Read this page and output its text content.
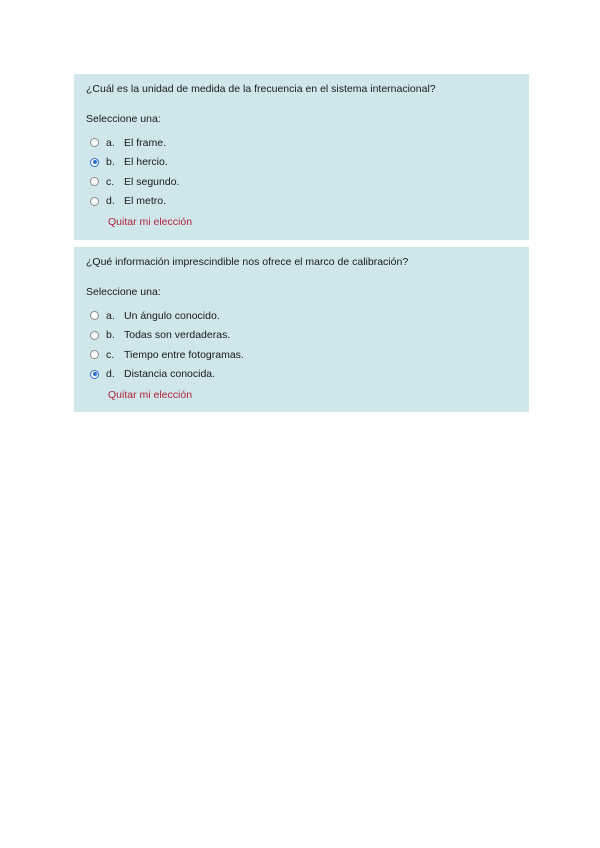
¿Cuál es la unidad de medida de la frecuencia en el sistema internacional?

Seleccione una:
a. El frame.
b. El hercio.
c. El segundo.
d. El metro.
Quitar mi elección

¿Qué información imprescindible nos ofrece el marco de calibración?

Seleccione una:
a. Un ángulo conocido.
b. Todas son verdaderas.
c. Tiempo entre fotogramas.
d. Distancia conocida.
Quitar mi elección
